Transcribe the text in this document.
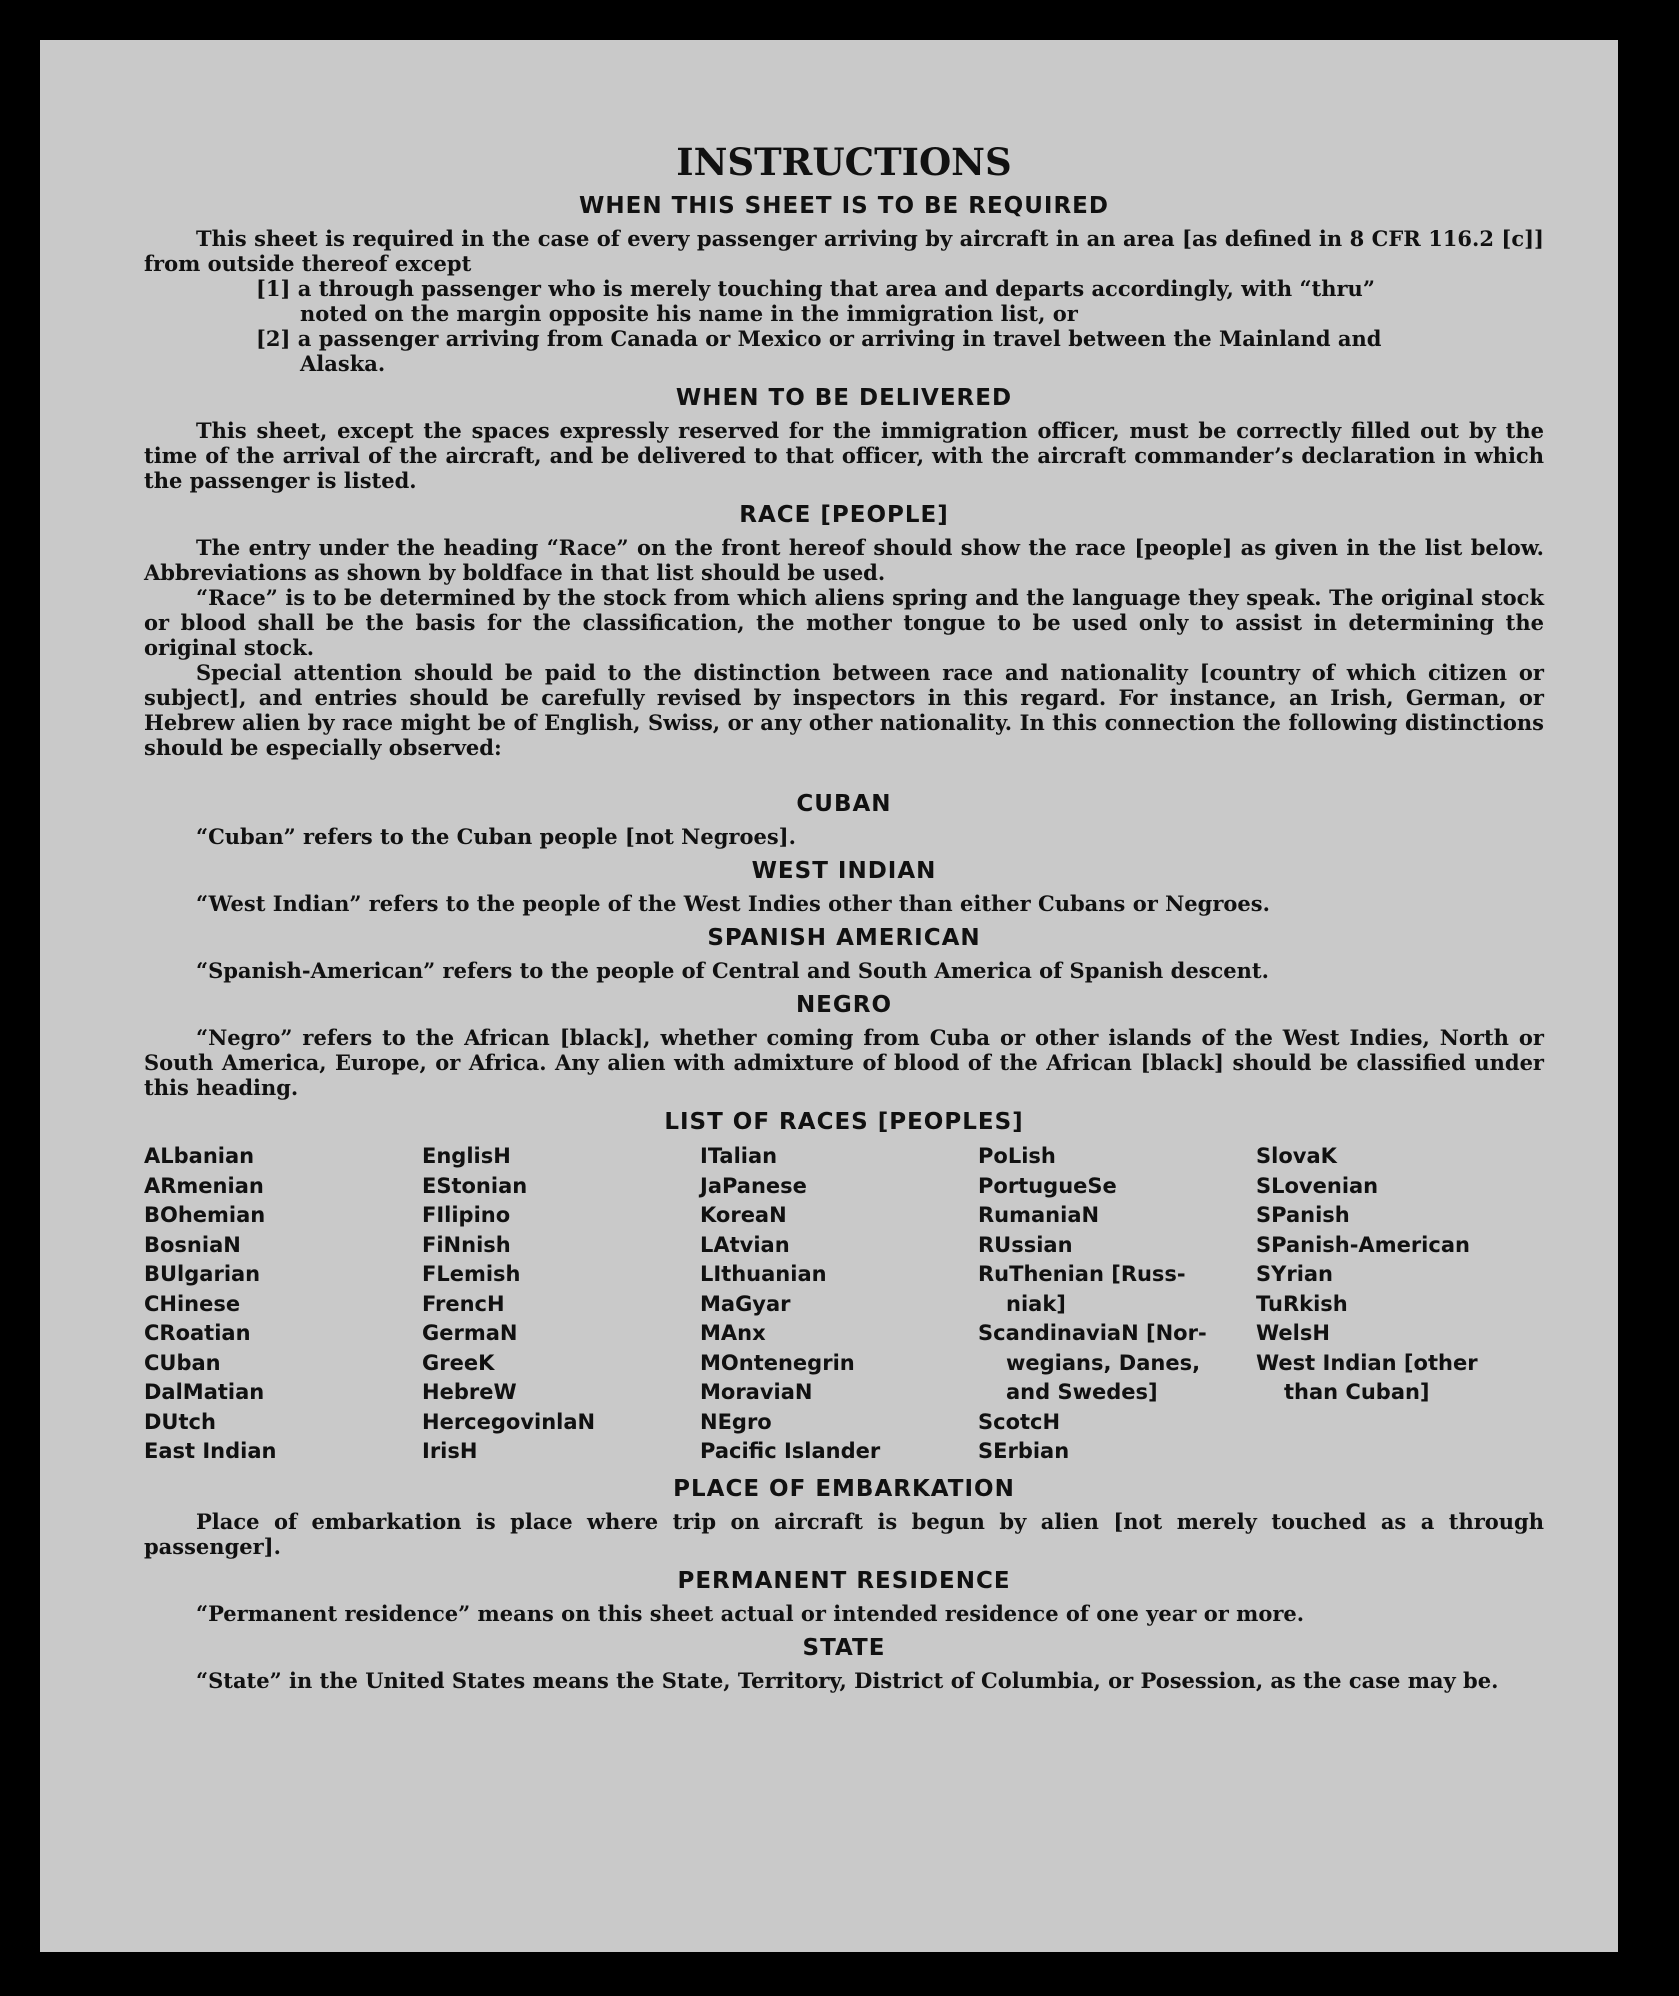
INSTRUCTIONS
WHEN THIS SHEET IS TO BE REQUIRED

This sheet is required in the case of every passenger arriving by aircraft in an area [as defined in 8 CFR 116.2 [c]] from outside thereof except

[1] a through passenger who is merely touching that area and departs accordingly, with “thru”
noted on the margin opposite his name in the immigration list, or
[2] a passenger arriving from Canada or Mexico or arriving in travel between the Mainland and
Alaska.
WHEN TO BE DELIVERED

This sheet, except the spaces expressly reserved for the immigration officer, must be correctly filled out by the time of the arrival of the aircraft, and be delivered to that officer, with the aircraft commander’s declaration in which the passenger is listed.

RACE [PEOPLE]

The entry under the heading “Race” on the front hereof should show the race [people] as given in the list below. Abbreviations as shown by boldface in that list should be used.

“Race” is to be determined by the stock from which aliens spring and the language they speak. The original stock or blood shall be the basis for the classification, the mother tongue to be used only to assist in determining the original stock.

Special attention should be paid to the distinction between race and nationality [country of which citizen or subject], and entries should be carefully revised by inspectors in this regard. For instance, an Irish, German, or Hebrew alien by race might be of English, Swiss, or any other nationality. In this connection the following distinctions should be especially observed:

CUBAN

“Cuban” refers to the Cuban people [not Negroes].

WEST INDIAN

“West Indian” refers to the people of the West Indies other than either Cubans or Negroes.

SPANISH AMERICAN

“Spanish-American” refers to the people of Central and South America of Spanish descent.

NEGRO

“Negro” refers to the African [black], whether coming from Cuba or other islands of the West Indies, North or South America, Europe, or Africa. Any alien with admixture of blood of the African [black] should be classified under this heading.

LIST OF RACES [PEOPLES]
ALbanian
ARmenian
BOhemian
BosniaN
BUlgarian
CHinese
CRoatian
CUban
DalMatian
DUtch
East Indian
EnglisH
EStonian
FIlipino
FiNnish
FLemish
FrencH
GermaN
GreeK
HebreW
HercegovinlaN
IrisH
ITalian
JaPanese
KoreaN
LAtvian
LIthuanian
MaGyar
MAnx
MOntenegrin
MoraviaN
NEgro
Pacific Islander
PoLish
PortugueSe
RumaniaN
RUssian
RuThenian [Russ-
niak]
ScandinaviaN [Nor-
wegians, Danes,
and Swedes]
ScotcH
SErbian
SlovaK
SLovenian
SPanish
SPanish-American
SYrian
TuRkish
WelsH
West Indian [other
than Cuban]
PLACE OF EMBARKATION

Place of embarkation is place where trip on aircraft is begun by alien [not merely touched as a through passenger].

PERMANENT RESIDENCE

“Permanent residence” means on this sheet actual or intended residence of one year or more.

STATE

“State” in the United States means the State, Territory, District of Columbia, or Posession, as the case may be.
